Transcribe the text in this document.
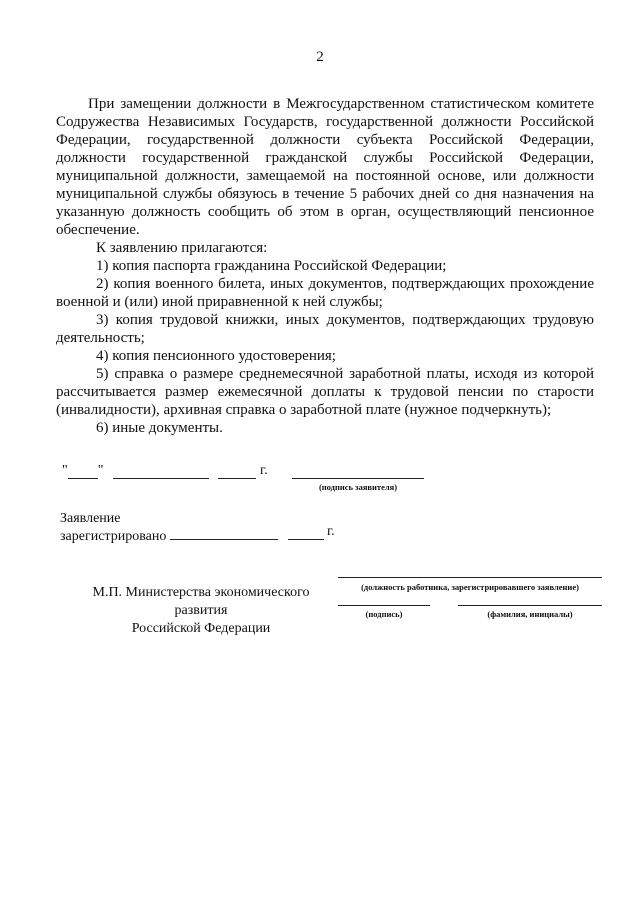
2

При замещении должности в Межгосударственном статистическом комитете Содружества Независимых Государств, государственной должности Российской Федерации, государственной должности субъекта Российской Федерации, должности государственной гражданской службы Российской Федерации, муниципальной должности, замещаемой на постоянной основе, или должности муниципальной службы обязуюсь в течение 5 рабочих дней со дня назначения на указанную должность сообщить об этом в орган, осуществляющий пенсионное обеспечение.

К заявлению прилагаются:

1) копия паспорта гражданина Российской Федерации;

2) копия военного билета, иных документов, подтверждающих прохождение военной и (или) иной приравненной к ней службы;

3) копия трудовой книжки, иных документов, подтверждающих трудовую деятельность;

4) копия пенсионного удостоверения;

5) справка о размере среднемесячной заработной платы, исходя из которой рассчитывается размер ежемесячной доплаты к трудовой пенсии по старости (инвалидности), архивная справка о заработной плате (нужное подчеркнуть);

6) иные документы.

" "	г.
(подпись заявителя)
Заявление
зарегистрировано	г.

М.П. Министерства экономического развития

Российской Федерации

(должность работника, зарегистрировавшего заявление)
(подпись)	(фамилия, инициалы)
